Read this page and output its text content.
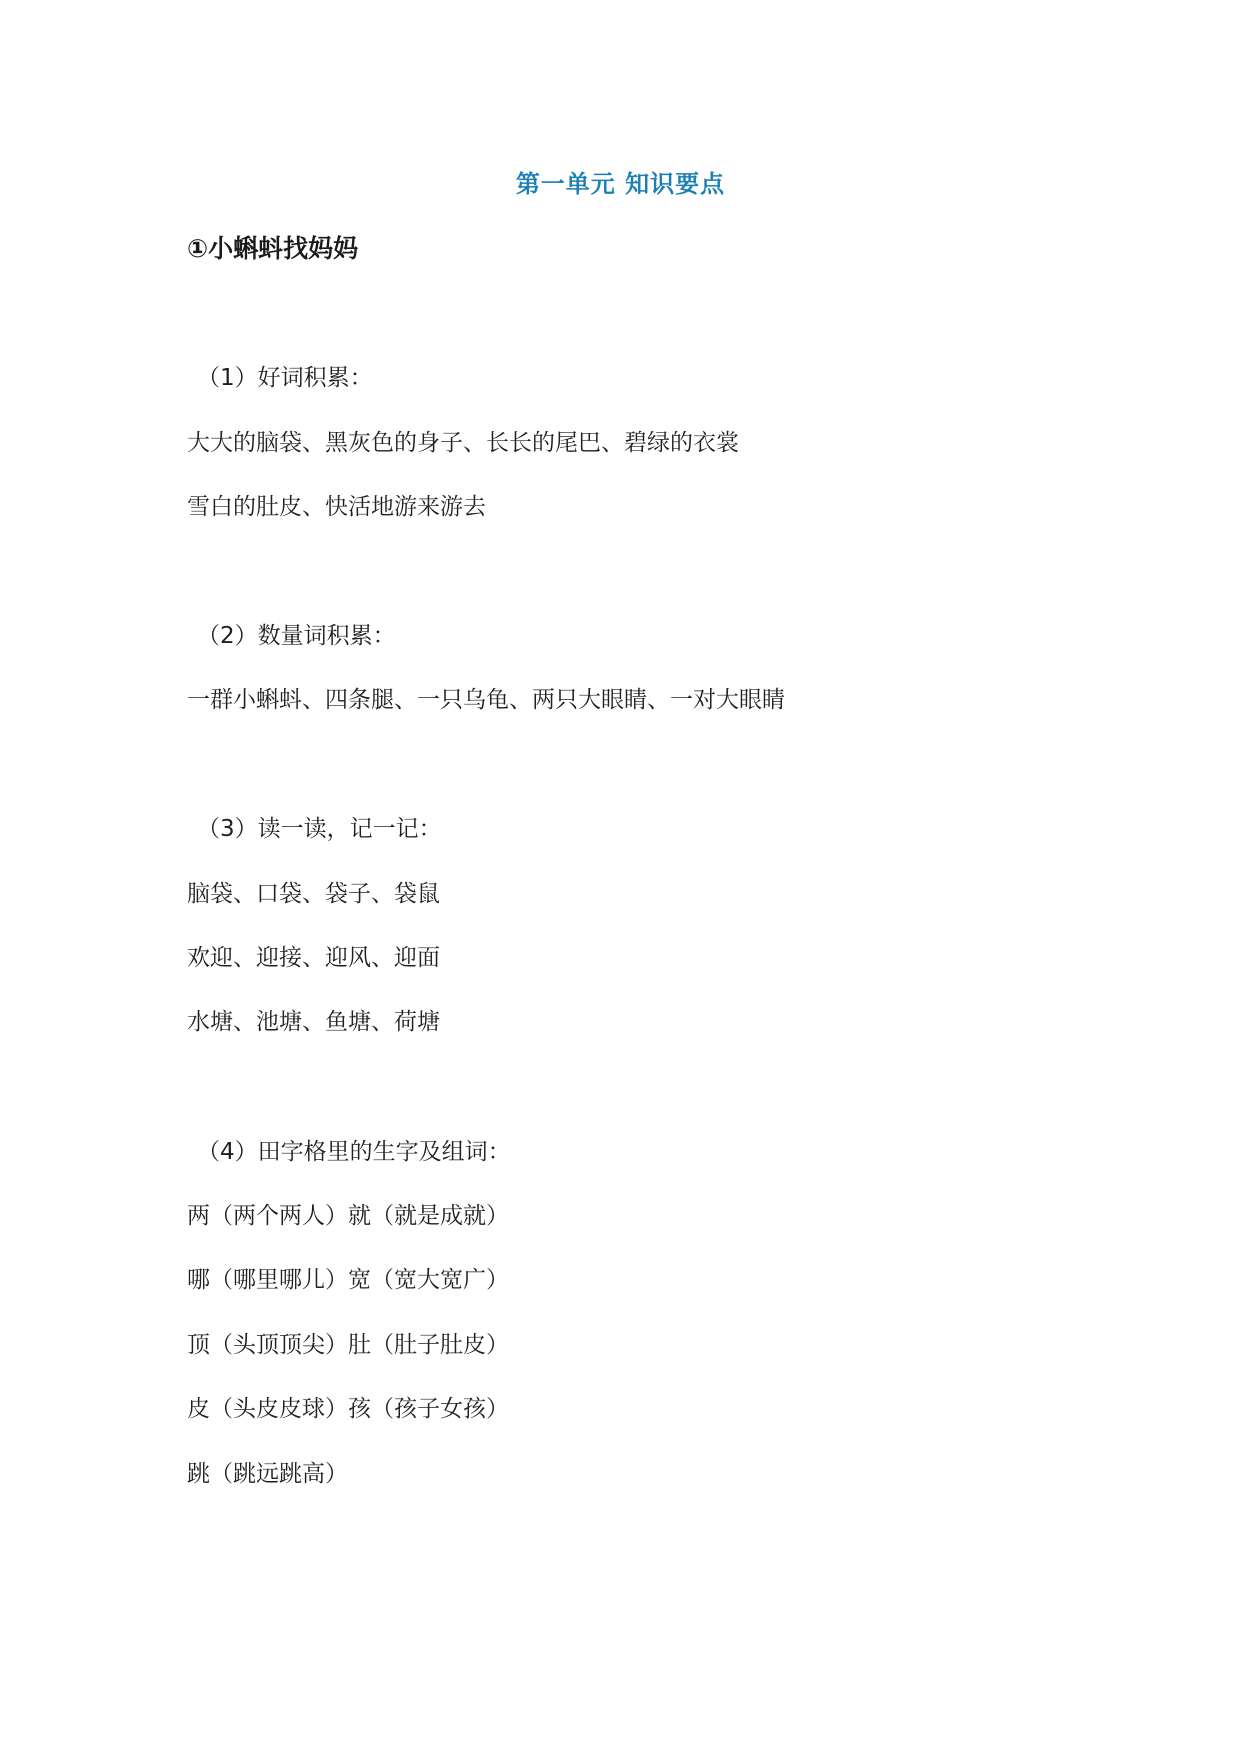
第一单元 知识要点
①小蝌蚪找妈妈
（1）好词积累：
大大的脑袋、黑灰色的身子、长长的尾巴、碧绿的衣裳
雪白的肚皮、快活地游来游去
（2）数量词积累：
一群小蝌蚪、四条腿、一只乌龟、两只大眼睛、一对大眼睛
（3）读一读，记一记：
脑袋、口袋、袋子、袋鼠
欢迎、迎接、迎风、迎面
水塘、池塘、鱼塘、荷塘
（4）田字格里的生字及组词：
两（两个两人）就（就是成就）
哪（哪里哪儿）宽（宽大宽广）
顶（头顶顶尖）肚（肚子肚皮）
皮（头皮皮球）孩（孩子女孩）
跳（跳远跳高）
